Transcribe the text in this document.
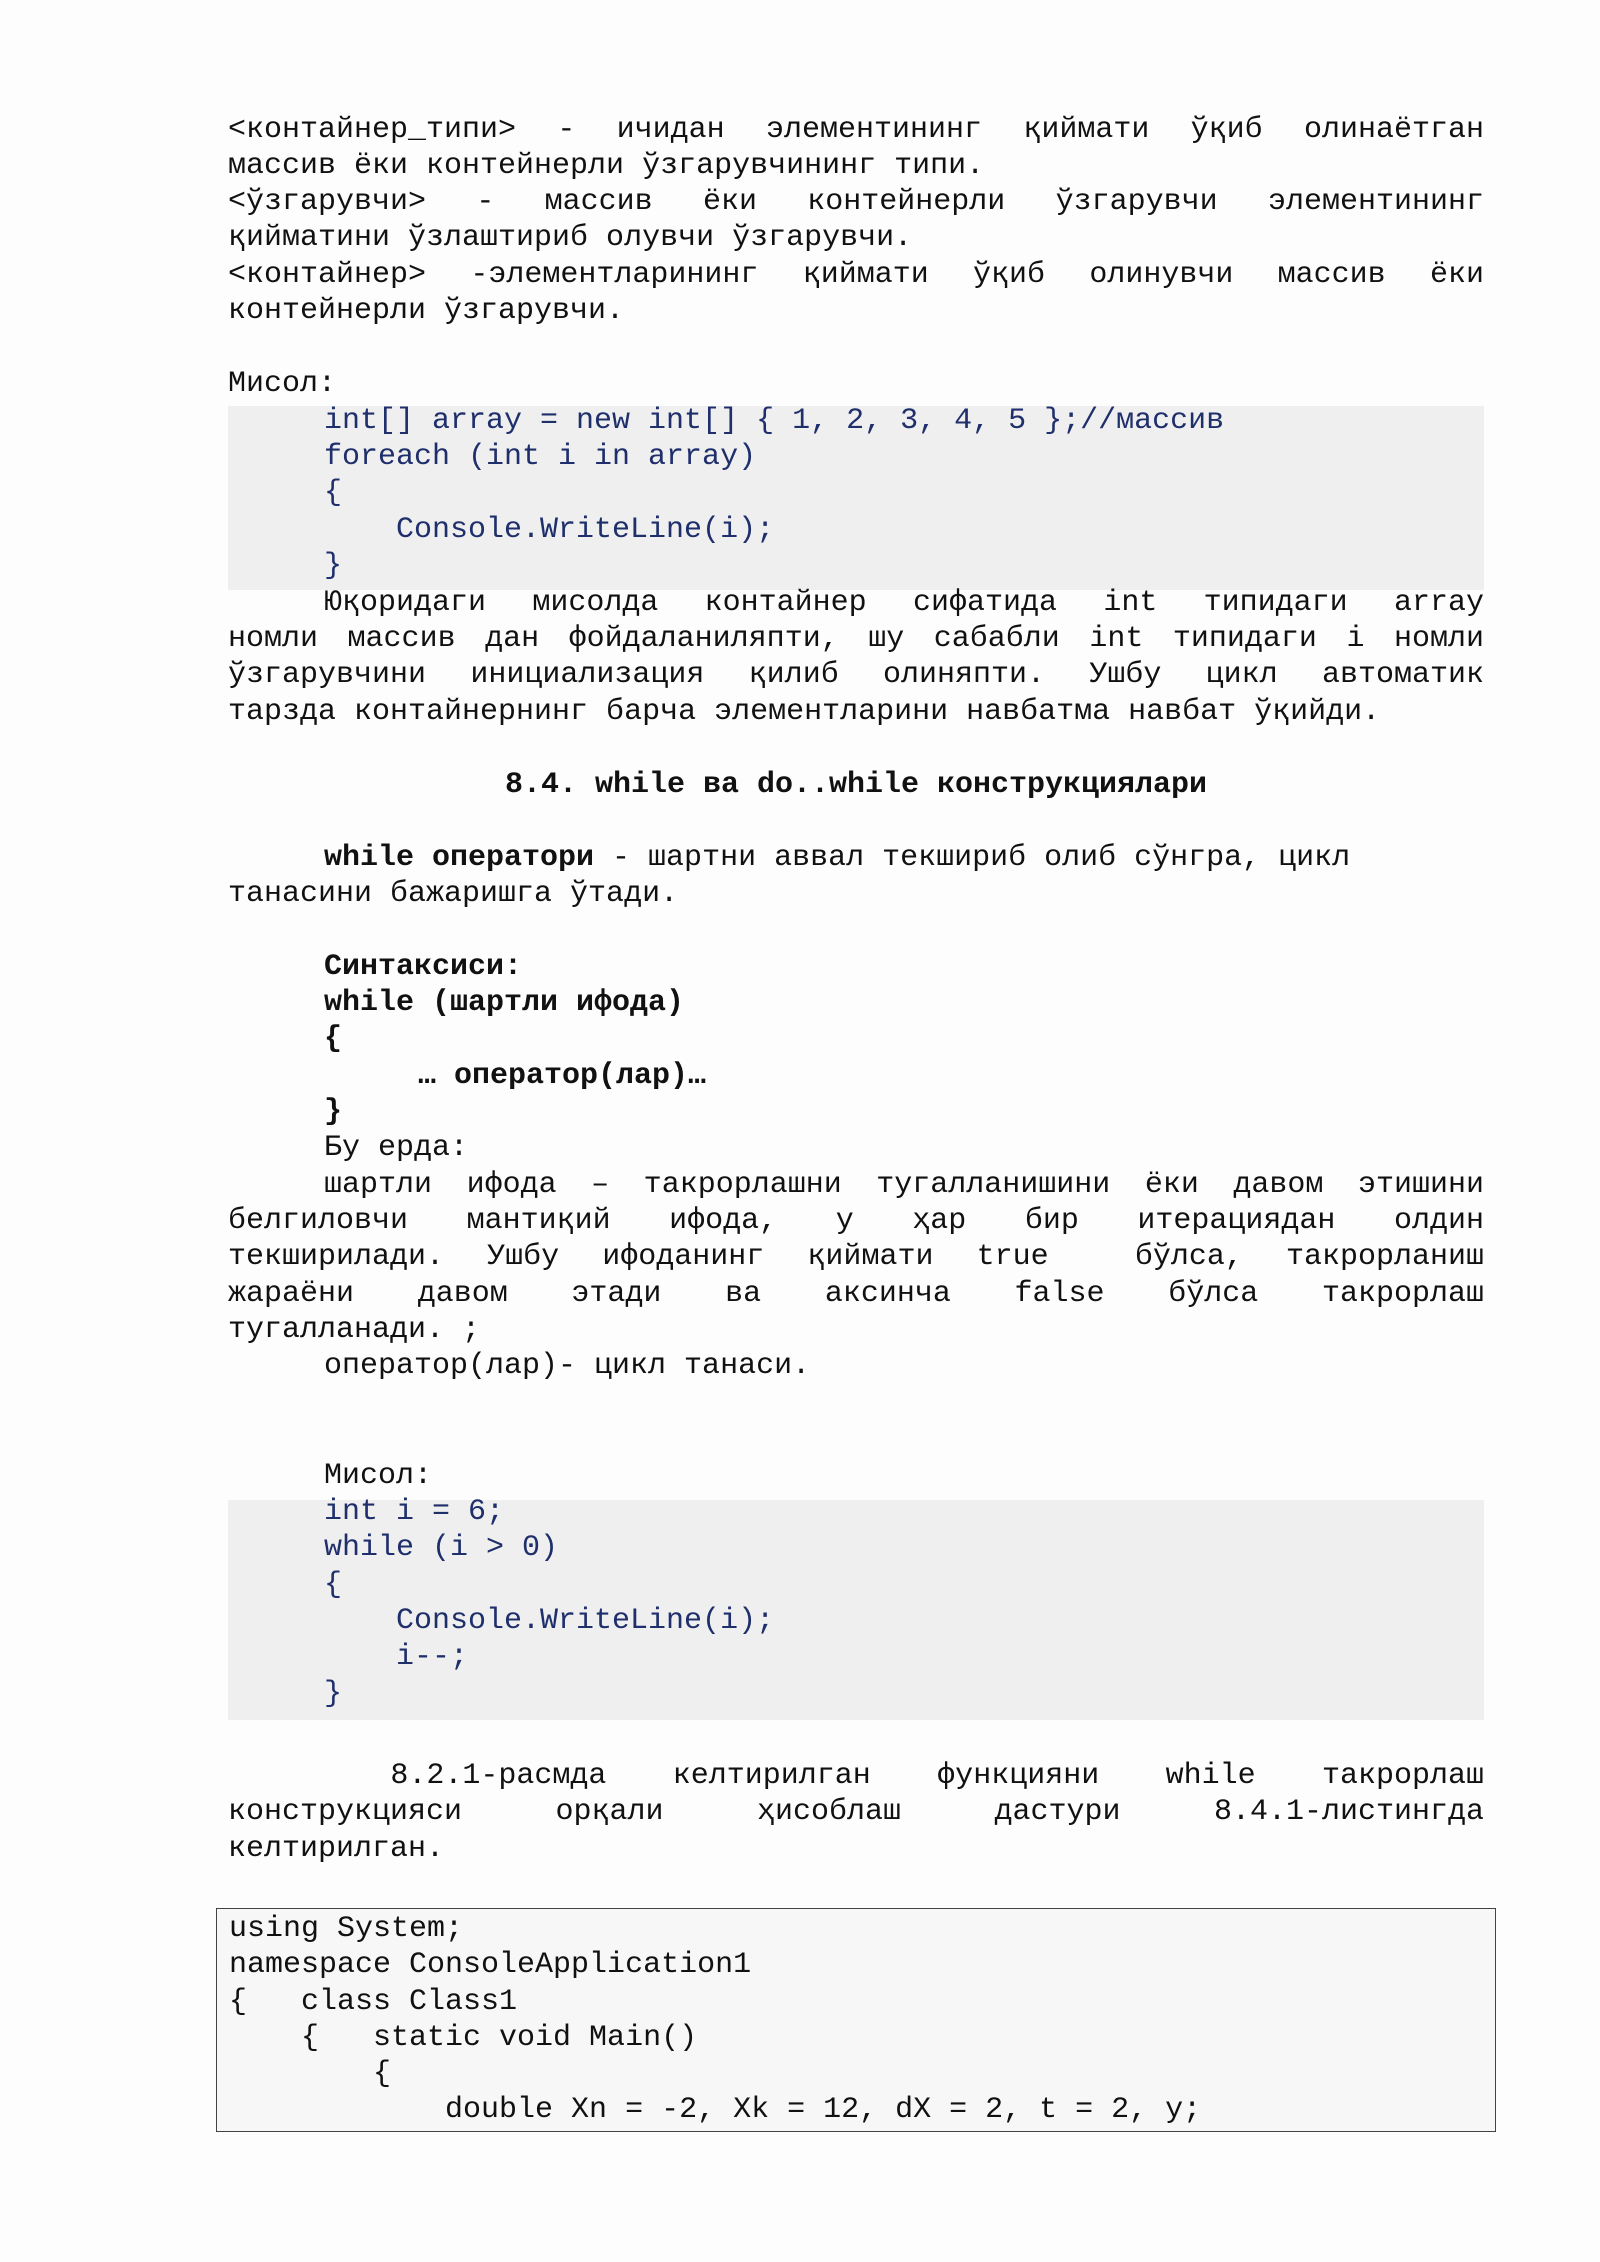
<контайнер_типи> - ичидан элементининг қиймати ўқиб олинаётган
массив ёки контейнерли ўзгарувчининг типи.
<ўзгарувчи> - массив ёки контейнерли ўзгарувчи элементининг
қийматини ўзлаштириб олувчи ўзгарувчи.
<контайнер> -элементларининг қиймати ўқиб олинувчи массив ёки
контейнерли ўзгарувчи.
Мисол:
int[] array = new int[] { 1, 2, 3, 4, 5 };//массив
foreach (int i in array)
{
Console.WriteLine(i);
}
Юқоридаги мисолда контайнер сифатида int типидаги array
номли массив дан фойдаланиляпти, шу сабабли int типидаги i номли
ўзгарувчини инициализация қилиб олиняпти. Ушбу цикл автоматик
тарзда контайнернинг барча элементларини навбатма навбат ўқийди.
8.4. while ва do..while конструкциялари
while оператори - шартни аввал текшириб олиб сўнгра, цикл
танасини бажаришга ўтади.
Синтаксиси:
while (шартли ифода)
{
… оператор(лар)…
}
Бу ерда:
шартли ифода – такрорлашни тугалланишини ёки давом этишини
белгиловчи мантиқий ифода, у ҳар бир итерациядан олдин
текширилади. Ушбу ифоданинг қиймати true  бўлса, такрорланиш
жараёни давом этади ва аксинча false бўлса такрорлаш
тугалланади. ;
оператор(лар)- цикл танаси.
Мисол:
int i = 6;
while (i > 0)
{
Console.WriteLine(i);
i--;
}
8.2.1-расмда келтирилган функцияни while такрорлаш
конструкцияси орқали ҳисоблаш дастури 8.4.1-листингда
келтирилган.
using System;
namespace ConsoleApplication1
{   class Class1
{   static void Main()
{
double Xn = -2, Xk = 12, dX = 2, t = 2, y;
